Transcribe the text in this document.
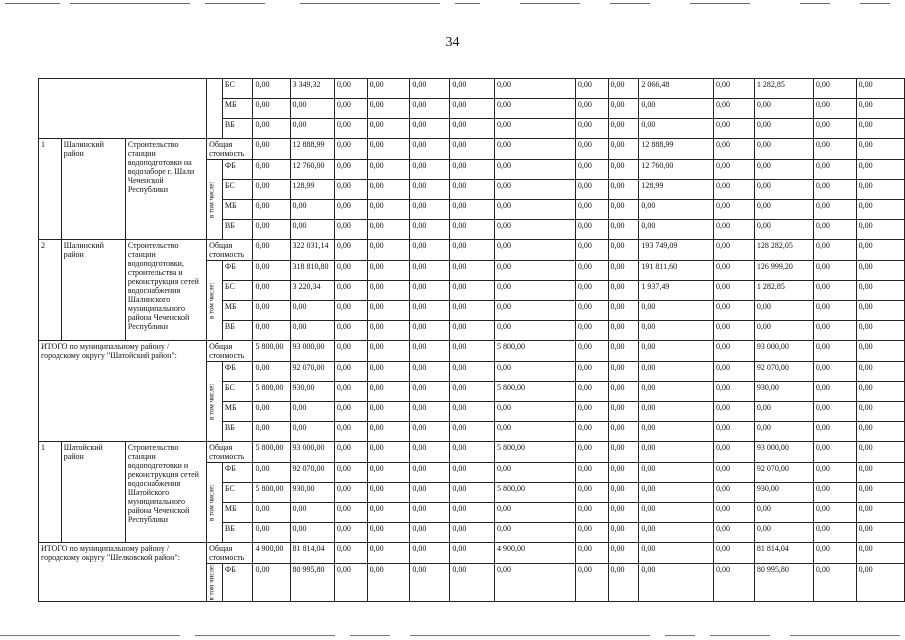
34
				БС	0,00	3 349,32	0,00	0,00	0,00	0,00	0,00	0,00	0,00	2 066,48	0,00	1 282,85	0,00	0,00
				МБ	0,00	0,00	0,00	0,00	0,00	0,00	0,00	0,00	0,00	0,00	0,00	0,00	0,00	0,00
				ВБ	0,00	0,00	0,00	0,00	0,00	0,00	0,00	0,00	0,00	0,00	0,00	0,00	0,00	0,00
1	Шалинский район	Строительство станции водоподготовки на водозаборе г. Шали Чеченской Республики	Общая стоимость		0,00	12 888,99	0,00	0,00	0,00	0,00	0,00	0,00	0,00	12 888,99	0,00	0,00	0,00	0,00
			в том числе:	ФБ	0,00	12 760,00	0,00	0,00	0,00	0,00	0,00	0,00	0,00	12 760,00	0,00	0,00	0,00	0,00
				БС	0,00	128,99	0,00	0,00	0,00	0,00	0,00	0,00	0,00	128,99	0,00	0,00	0,00	0,00
				МБ	0,00	0,00	0,00	0,00	0,00	0,00	0,00	0,00	0,00	0,00	0,00	0,00	0,00	0,00
				ВБ	0,00	0,00	0,00	0,00	0,00	0,00	0,00	0,00	0,00	0,00	0,00	0,00	0,00	0,00
2	Шалинский район	Строительство станции водоподготовки, строительства и реконструкция сетей водоснабжения Шалинского муниципального района Чеченской Республики	Общая стоимость		0,00	322 031,14	0,00	0,00	0,00	0,00	0,00	0,00	0,00	193 749,09	0,00	128 282,05	0,00	0,00
			в том числе:	ФБ	0,00	318 810,80	0,00	0,00	0,00	0,00	0,00	0,00	0,00	191 811,60	0,00	126 999,20	0,00	0,00
				БС	0,00	3 220,34	0,00	0,00	0,00	0,00	0,00	0,00	0,00	1 937,49	0,00	1 282,85	0,00	0,00
				МБ	0,00	0,00	0,00	0,00	0,00	0,00	0,00	0,00	0,00	0,00	0,00	0,00	0,00	0,00
				ВБ	0,00	0,00	0,00	0,00	0,00	0,00	0,00	0,00	0,00	0,00	0,00	0,00	0,00	0,00
ИТОГО по муниципальному району / городскому округу "Шатойский район":			Общая стоимость		5 800,00	93 000,00	0,00	0,00	0,00	0,00	5 800,00	0,00	0,00	0,00	0,00	93 000,00	0,00	0,00
			в том числе:	ФБ	0,00	92 070,00	0,00	0,00	0,00	0,00	0,00	0,00	0,00	0,00	0,00	92 070,00	0,00	0,00
				БС	5 800,00	930,00	0,00	0,00	0,00	0,00	5 800,00	0,00	0,00	0,00	0,00	930,00	0,00	0,00
				МБ	0,00	0,00	0,00	0,00	0,00	0,00	0,00	0,00	0,00	0,00	0,00	0,00	0,00	0,00
				ВБ	0,00	0,00	0,00	0,00	0,00	0,00	0,00	0,00	0,00	0,00	0,00	0,00	0,00	0,00
1	Шатойский район	Строительство станции водоподготовки и реконструкция сетей водоснабжения Шатойского муниципального района Чеченской Республики	Общая стоимость		5 800,00	93 000,00	0,00	0,00	0,00	0,00	5 800,00	0,00	0,00	0,00	0,00	93 000,00	0,00	0,00
			в том числе:	ФБ	0,00	92 070,00	0,00	0,00	0,00	0,00	0,00	0,00	0,00	0,00	0,00	92 070,00	0,00	0,00
				БС	5 800,00	930,00	0,00	0,00	0,00	0,00	5 800,00	0,00	0,00	0,00	0,00	930,00	0,00	0,00
				МБ	0,00	0,00	0,00	0,00	0,00	0,00	0,00	0,00	0,00	0,00	0,00	0,00	0,00	0,00
				ВБ	0,00	0,00	0,00	0,00	0,00	0,00	0,00	0,00	0,00	0,00	0,00	0,00	0,00	0,00
ИТОГО по муниципальному району / городскому округу "Шелковской район":			Общая стоимость		4 900,00	81 814,04	0,00	0,00	0,00	0,00	4 900,00	0,00	0,00	0,00	0,00	81 814,04	0,00	0,00
			в том числе:	ФБ	0,00	80 995,80	0,00	0,00	0,00	0,00	0,00	0,00	0,00	0,00	0,00	80 995,80	0,00	0,00
